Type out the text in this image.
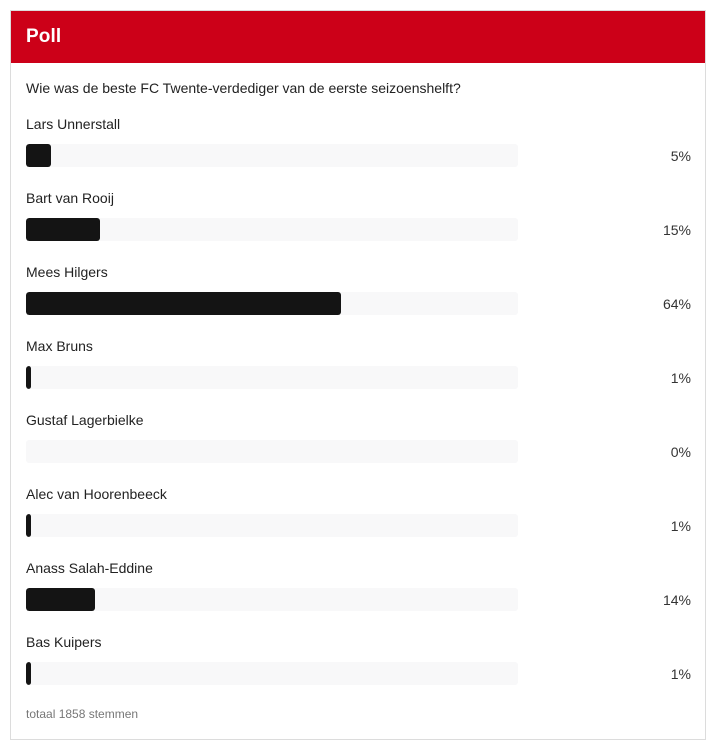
Poll
Wie was de beste FC Twente-verdediger van de eerste seizoenshelft?
Lars Unnerstall
5%
Bart van Rooij
15%
Mees Hilgers
64%
Max Bruns
1%
Gustaf Lagerbielke
0%
Alec van Hoorenbeeck
1%
Anass Salah-Eddine
14%
Bas Kuipers
1%
totaal 1858 stemmen
